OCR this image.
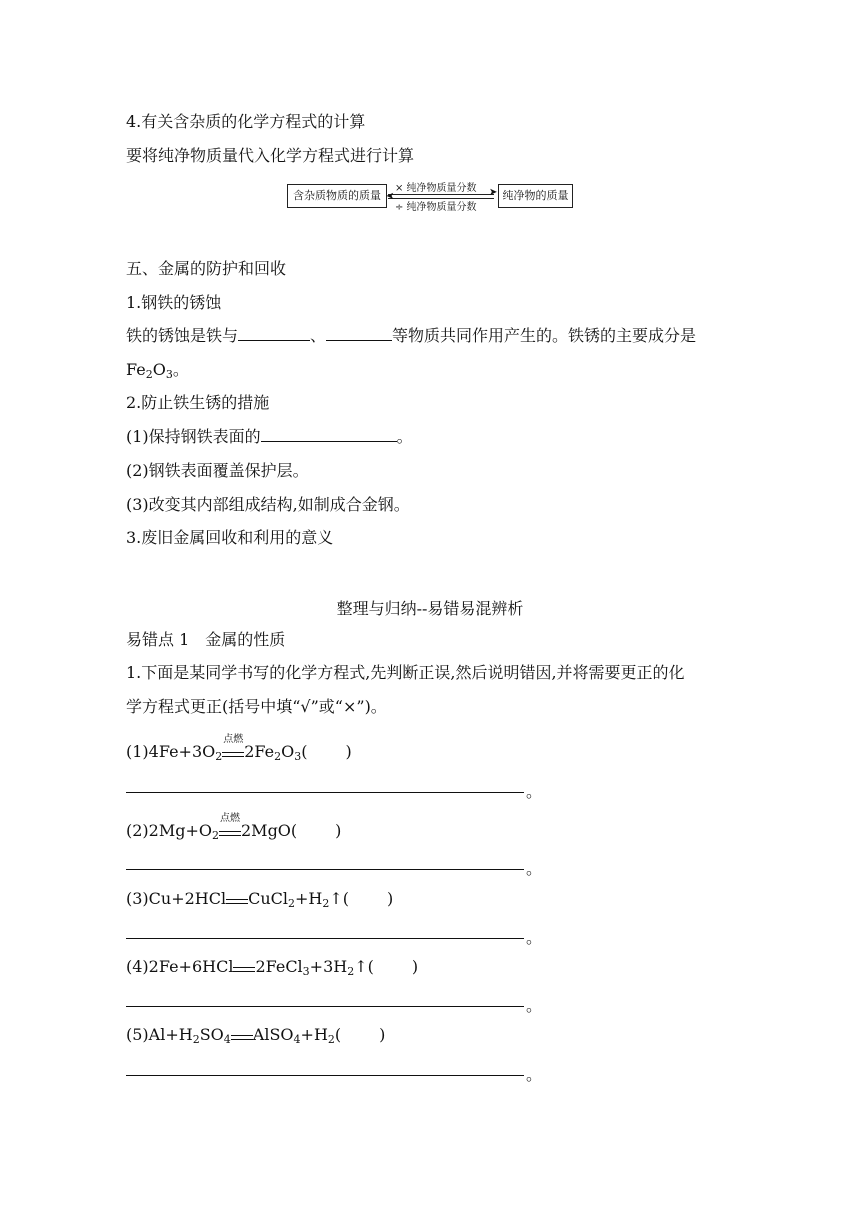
4.有关含杂质的化学方程式的计算
要将纯净物质量代入化学方程式进行计算
含杂质物质的质量
× 纯净物质量分数 ➤
➤
÷ 纯净物质量分数
纯净物的质量
五、金属的防护和回收
1.钢铁的锈蚀
铁的锈蚀是铁与	、	等物质共同作用产生的。铁锈的主要成分是
$Fe_2O_3$。
2.防止铁生锈的措施
(1)保持钢铁表面的	。
(2)钢铁表面覆盖保护层。
(3)改变其内部组成结构,如制成合金钢。
3.废旧金属回收和利用的意义
整理与归纳--易错易混辨析
易错点 1　金属的性质
1.下面是某同学书写的化学方程式,先判断正误,然后说明错因,并将需要更正的化
学方程式更正(括号中填“√”或“×”)。
$(1)4Fe+3O_2$
点燃
$2Fe_2O_3$( )
。
$(2)2Mg+O_2$
点燃
2MgO( )
。
(3)Cu+2HCl $CuCl_2+H_2↑$( )
。
(4)2Fe+6HCl $2FeCl_3+3H_2↑$( )
。
$(5)Al+H_2SO_4$ $AlSO_4+H_2$( )
。
